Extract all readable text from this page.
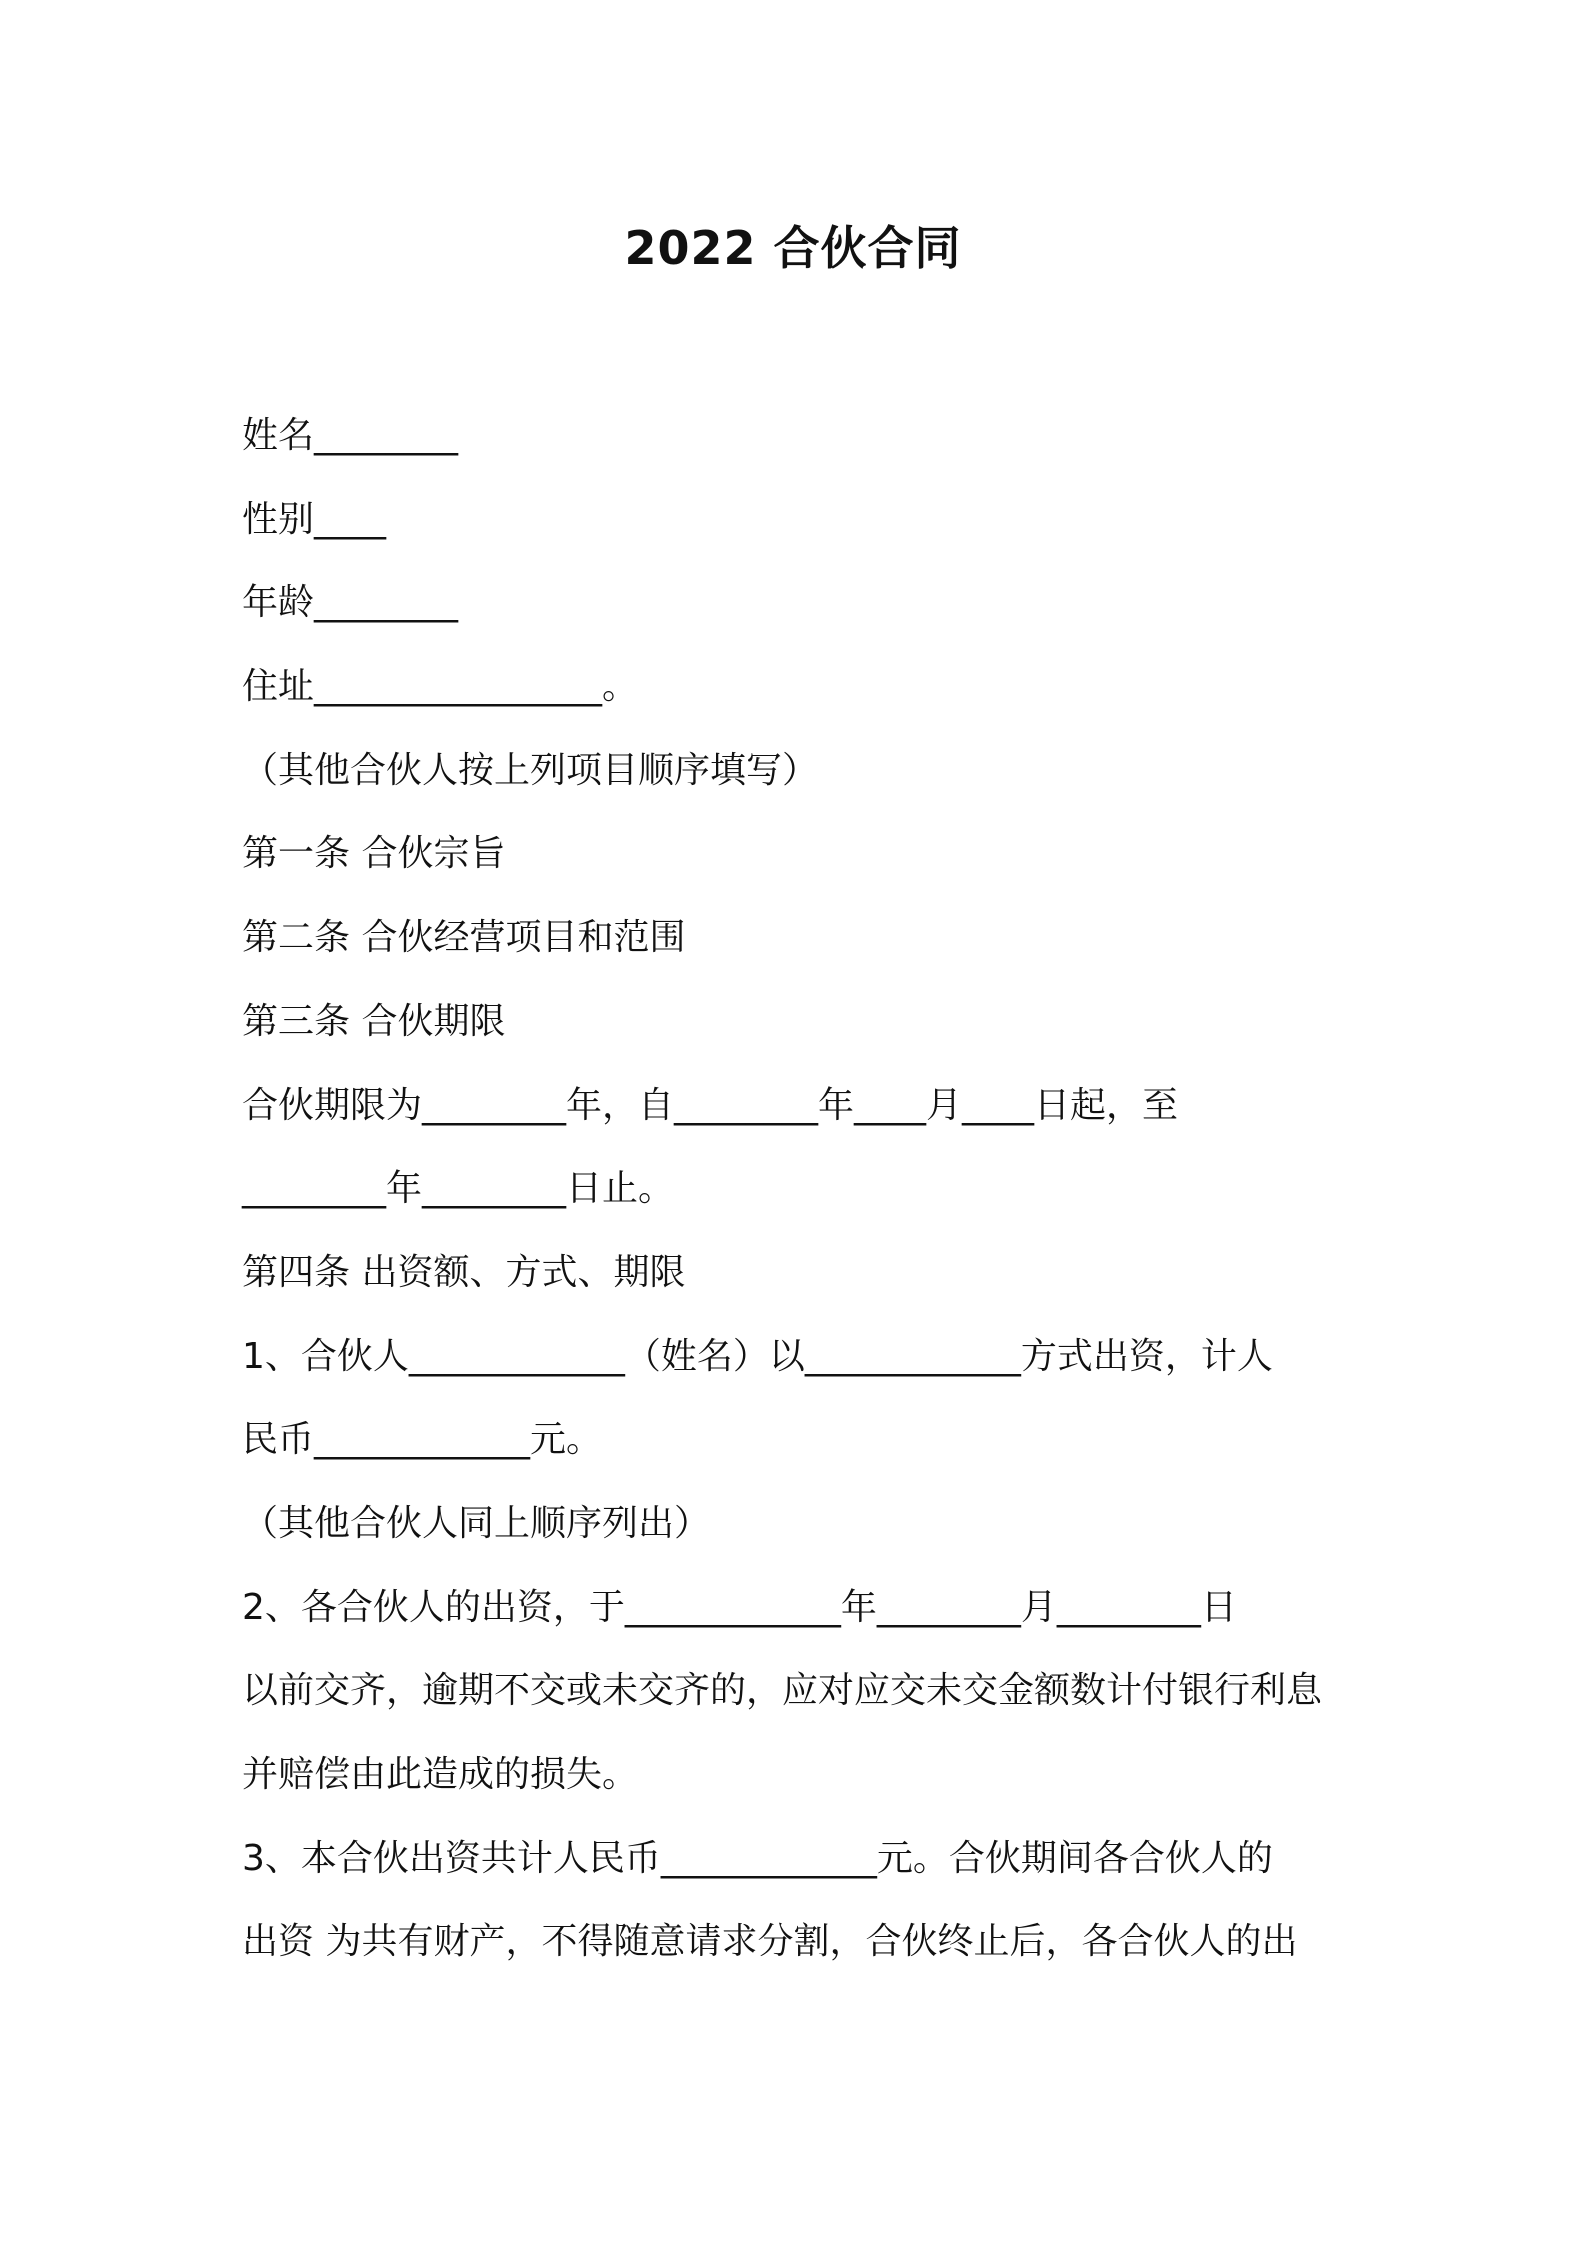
2022 合伙合同
姓名________
性别____
年龄________
住址________________。
（其他合伙人按上列项目顺序填写）
第一条 合伙宗旨
第二条 合伙经营项目和范围
第三条 合伙期限
合伙期限为________年，自________年____月____日起，至
________年________日止。
第四条 出资额、方式、期限
1、合伙人____________（姓名）以____________方式出资，计人
民币____________元。
（其他合伙人同上顺序列出）
2、各合伙人的出资，于____________年________月________日
以前交齐，逾期不交或未交齐的，应对应交未交金额数计付银行利息
并赔偿由此造成的损失。
3、本合伙出资共计人民币____________元。合伙期间各合伙人的
出资 为共有财产，不得随意请求分割，合伙终止后，各合伙人的出
